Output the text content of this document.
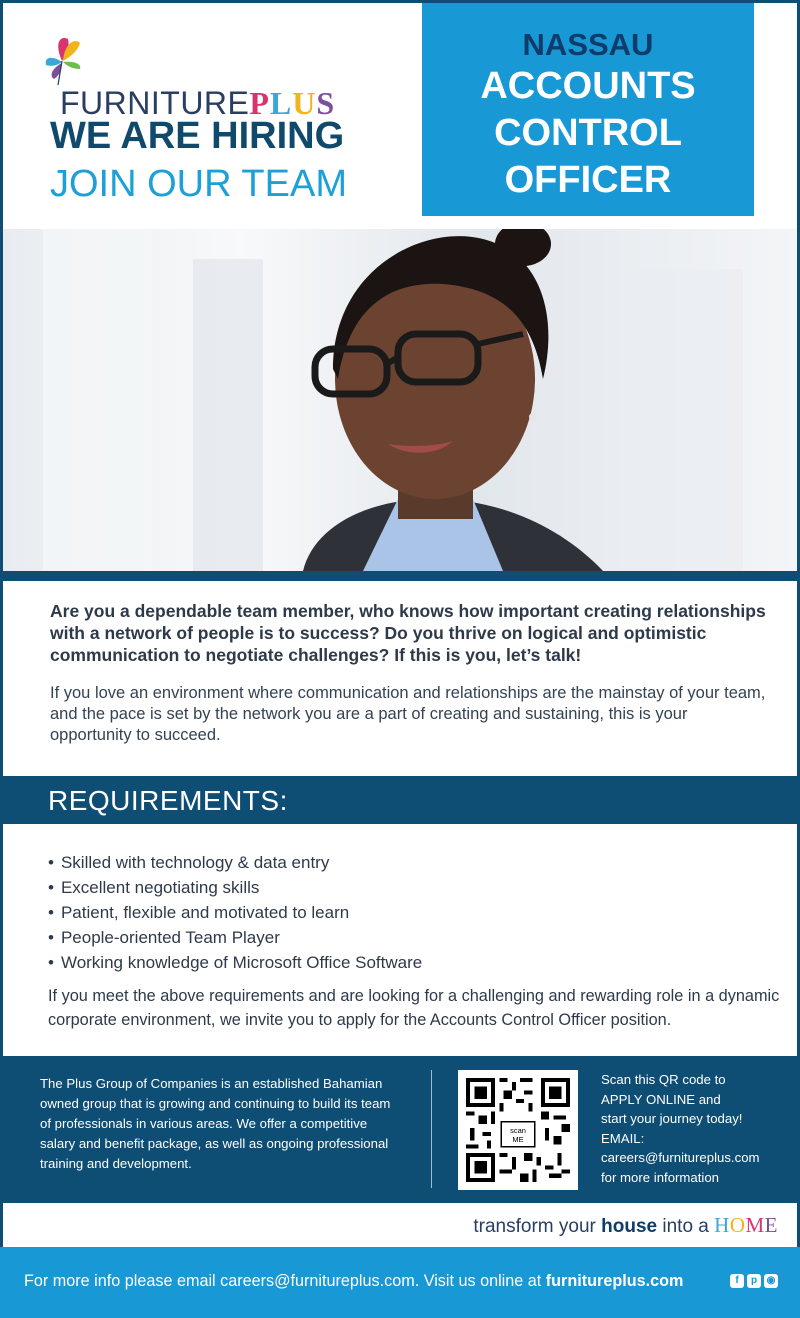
FURNITUREPLUS
WE ARE HIRING
JOIN OUR TEAM
NASSAU
ACCOUNTS
CONTROL
OFFICER
Are you a dependable team member, who knows how important creating relationships with a network of people is to success? Do you thrive on logical and optimistic communication to negotiate challenges? If this is you, let’s talk!
If you love an environment where communication and relationships are the mainstay of your team, and the pace is set by the network you are a part of creating and sustaining, this is your opportunity to succeed.
REQUIREMENTS:
• Skilled with technology & data entry
• Excellent negotiating skills
• Patient, flexible and motivated to learn
• People-oriented Team Player
• Working knowledge of Microsoft Office Software
If you meet the above requirements and are looking for a challenging and rewarding role in a dynamic corporate environment, we invite you to apply for the Accounts Control Officer position.
The Plus Group of Companies is an established Bahamian owned group that is growing and continuing to build its team of professionals in various areas. We offer a competitive salary and benefit package, as well as ongoing professional training and development.
scan
ME
Scan this QR code to
APPLY ONLINE and
start your journey today!
EMAIL:
careers@furnitureplus.com
for more information
transform your house into a HOME
For more info please email careers@furnitureplus.com. Visit us online at furnitureplus.com	f	p ◉
